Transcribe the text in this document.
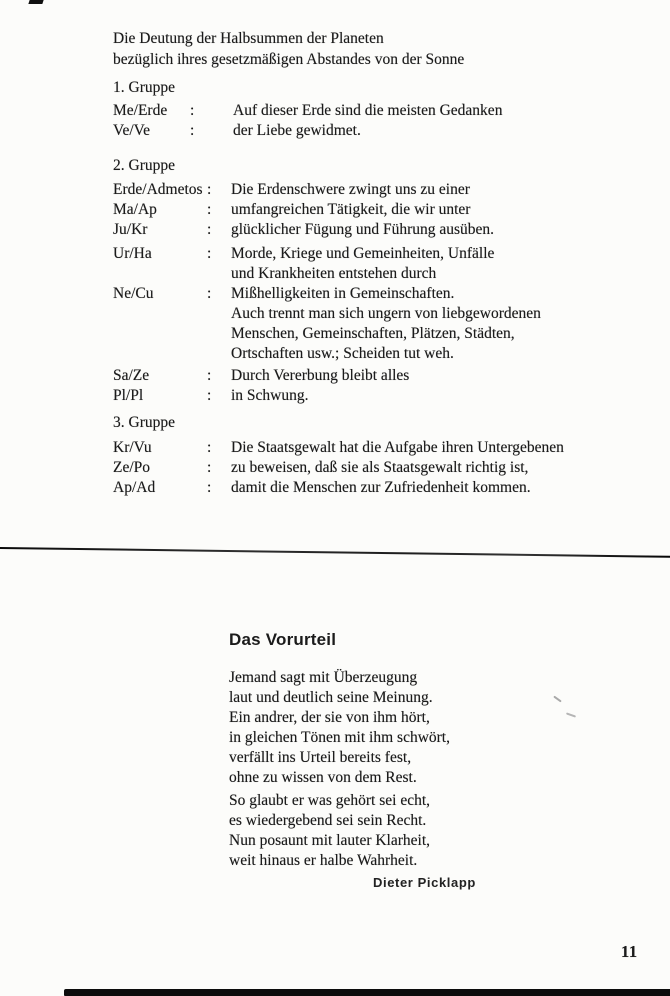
Die Deutung der Halbsummen der Planeten
bezüglich ihres gesetzmäßigen Abstandes von der Sonne
1. Gruppe
Me/Erde	:	Auf dieser Erde sind die meisten Gedanken
Ve/Ve	:	der Liebe gewidmet.
2. Gruppe
Erde/Admetos :	Die Erdenschwere zwingt uns zu einer
Ma/Ap	:	umfangreichen Tätigkeit, die wir unter
Ju/Kr	:	glücklicher Fügung und Führung ausüben.
Ur/Ha	:	Morde, Kriege und Gemeinheiten, Unfälle
und Krankheiten entstehen durch
Ne/Cu	:	Mißhelligkeiten in Gemeinschaften.
Auch trennt man sich ungern von liebgewordenen
Menschen, Gemeinschaften, Plätzen, Städten,
Ortschaften usw.; Scheiden tut weh.
Sa/Ze	:	Durch Vererbung bleibt alles
Pl/Pl	:	in Schwung.
3. Gruppe
Kr/Vu	:	Die Staatsgewalt hat die Aufgabe ihren Untergebenen
Ze/Po	:	zu beweisen, daß sie als Staatsgewalt richtig ist,
Ap/Ad	:	damit die Menschen zur Zufriedenheit kommen.
Das Vorurteil
Jemand sagt mit Überzeugung
laut und deutlich seine Meinung.
Ein andrer, der sie von ihm hört,
in gleichen Tönen mit ihm schwört,
verfällt ins Urteil bereits fest,
ohne zu wissen von dem Rest.
So glaubt er was gehört sei echt,
es wiedergebend sei sein Recht.
Nun posaunt mit lauter Klarheit,
weit hinaus er halbe Wahrheit.
Dieter Picklapp
11
